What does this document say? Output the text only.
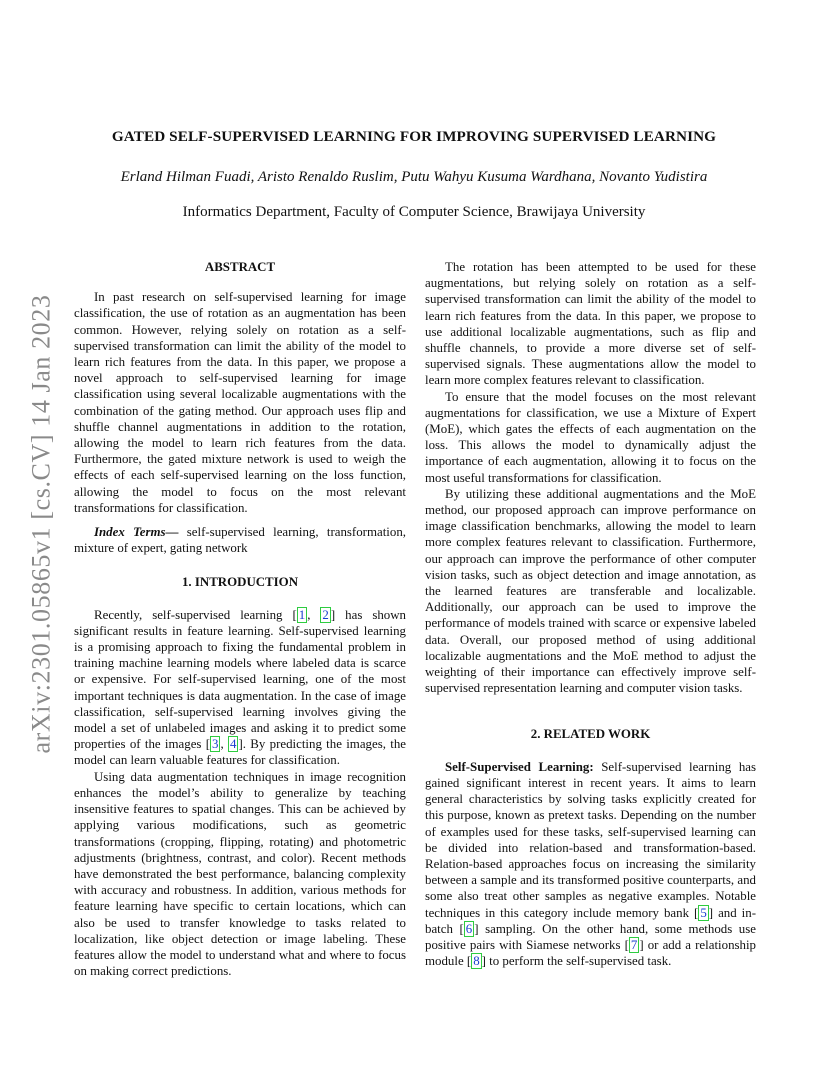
arXiv:2301.05865v1 [cs.CV] 14 Jan 2023
GATED SELF-SUPERVISED LEARNING FOR IMPROVING SUPERVISED LEARNING
Erland Hilman Fuadi, Aristo Renaldo Ruslim, Putu Wahyu Kusuma Wardhana, Novanto Yudistira
Informatics Department, Faculty of Computer Science, Brawijaya University
ABSTRACT

In past research on self-supervised learning for image classification, the use of rotation as an augmentation has been common. However, relying solely on rotation as a self-supervised transformation can limit the ability of the model to learn rich features from the data. In this paper, we propose a novel approach to self-supervised learning for image classification using several localizable augmentations with the combination of the gating method. Our approach uses flip and shuffle channel augmentations in addition to the rotation, allowing the model to learn rich features from the data. Furthermore, the gated mixture network is used to weigh the effects of each self-supervised learning on the loss function, allowing the model to focus on the most relevant transformations for classification.

Index Terms— self-supervised learning, transformation, mixture of expert, gating network

1. INTRODUCTION

Recently, self-supervised learning [ 1 , 2 ] has shown significant results in feature learning. Self-supervised learning is a promising approach to fixing the fundamental problem in training machine learning models where labeled data is scarce or expensive. For self-supervised learning, one of the most important techniques is data augmentation. In the case of image classification, self-supervised learning involves giving the model a set of unlabeled images and asking it to predict some properties of the images [ 3 , 4 ]. By predicting the images, the model can learn valuable features for classification.

Using data augmentation techniques in image recognition enhances the model’s ability to generalize by teaching insensitive features to spatial changes. This can be achieved by applying various modifications, such as geometric transformations (cropping, flipping, rotating) and photometric adjustments (brightness, contrast, and color). Recent methods have demonstrated the best performance, balancing complexity with accuracy and robustness. In addition, various methods for feature learning have specific to certain locations, which can also be used to transfer knowledge to tasks related to localization, like object detection or image labeling. These features allow the model to understand what and where to focus on making correct predictions.

The rotation has been attempted to be used for these augmentations, but relying solely on rotation as a self-supervised transformation can limit the ability of the model to learn rich features from the data. In this paper, we propose to use additional localizable augmentations, such as flip and shuffle channels, to provide a more diverse set of self-supervised signals. These augmentations allow the model to learn more complex features relevant to classification.

To ensure that the model focuses on the most relevant augmentations for classification, we use a Mixture of Expert (MoE), which gates the effects of each augmentation on the loss. This allows the model to dynamically adjust the importance of each augmentation, allowing it to focus on the most useful transformations for classification.

By utilizing these additional augmentations and the MoE method, our proposed approach can improve performance on image classification benchmarks, allowing the model to learn more complex features relevant to classification. Furthermore, our approach can improve the performance of other computer vision tasks, such as object detection and image annotation, as the learned features are transferable and localizable. Additionally, our approach can be used to improve the performance of models trained with scarce or expensive labeled data. Overall, our proposed method of using additional localizable augmentations and the MoE method to adjust the weighting of their importance can effectively improve self-supervised representation learning and computer vision tasks.

2. RELATED WORK

Self-Supervised Learning: Self-supervised learning has gained significant interest in recent years. It aims to learn general characteristics by solving tasks explicitly created for this purpose, known as pretext tasks. Depending on the number of examples used for these tasks, self-supervised learning can be divided into relation-based and transformation-based. Relation-based approaches focus on increasing the similarity between a sample and its transformed positive counterparts, and some also treat other samples as negative examples. Notable techniques in this category include memory bank [ 5 ] and in-batch [ 6 ] sampling. On the other hand, some methods use positive pairs with Siamese networks [ 7 ] or add a relationship module [ 8 ] to perform the self-supervised task.
